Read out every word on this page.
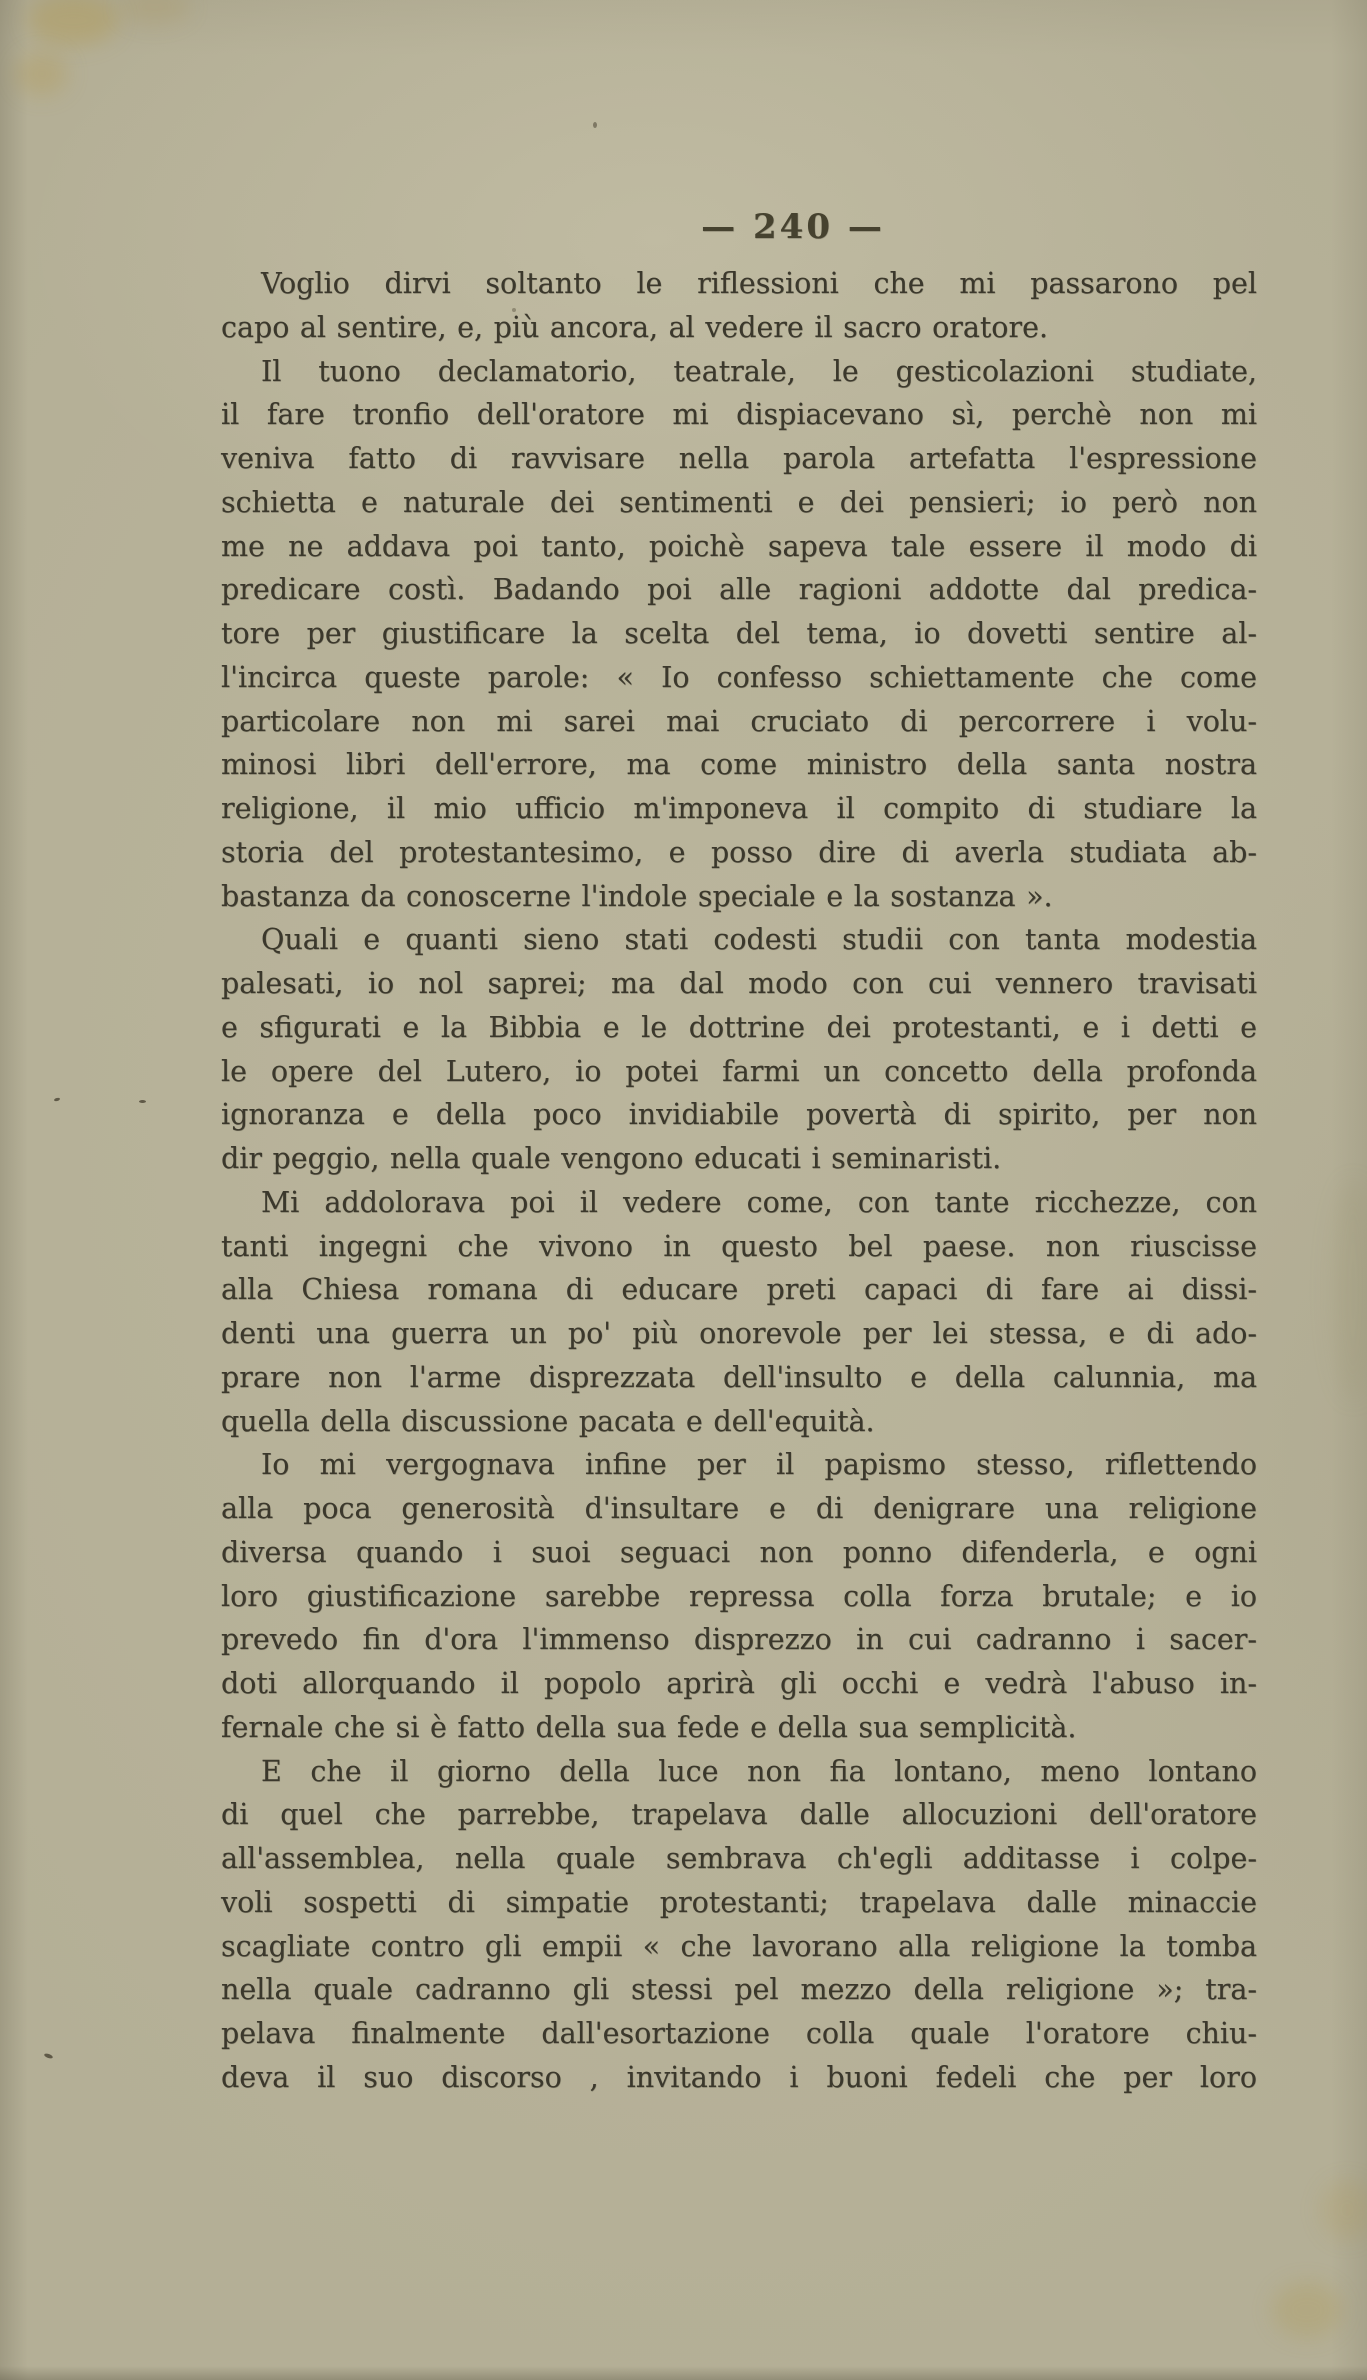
— 240 —
Voglio dirvi soltanto le riflessioni che mi passarono pel
capo al sentire, e, più ancora, al vedere il sacro oratore.
Il tuono declamatorio, teatrale, le gesticolazioni studiate,
il fare tronfio dell'oratore mi dispiacevano sì, perchè non mi
veniva fatto di ravvisare nella parola artefatta l'espressione
schietta e naturale dei sentimenti e dei pensieri; io però non
me ne addava poi tanto, poichè sapeva tale essere il modo di
predicare costì. Badando poi alle ragioni addotte dal predica-
tore per giustificare la scelta del tema, io dovetti sentire al-
l'incirca queste parole: « Io confesso schiettamente che come
particolare non mi sarei mai cruciato di percorrere i volu-
minosi libri dell'errore, ma come ministro della santa nostra
religione, il mio ufficio m'imponeva il compito di studiare la
storia del protestantesimo, e posso dire di averla studiata ab-
bastanza da conoscerne l'indole speciale e la sostanza ».
Quali e quanti sieno stati codesti studii con tanta modestia
palesati, io nol saprei; ma dal modo con cui vennero travisati
e sfigurati e la Bibbia e le dottrine dei protestanti, e i detti e
le opere del Lutero, io potei farmi un concetto della profonda
ignoranza e della poco invidiabile povertà di spirito, per non
dir peggio, nella quale vengono educati i seminaristi.
Mi addolorava poi il vedere come, con tante ricchezze, con
tanti ingegni che vivono in questo bel paese. non riuscisse
alla Chiesa romana di educare preti capaci di fare ai dissi-
denti una guerra un po' più onorevole per lei stessa, e di ado-
prare non l'arme disprezzata dell'insulto e della calunnia, ma
quella della discussione pacata e dell'equità.
Io mi vergognava infine per il papismo stesso, riflettendo
alla poca generosità d'insultare e di denigrare una religione
diversa quando i suoi seguaci non ponno difenderla, e ogni
loro giustificazione sarebbe repressa colla forza brutale; e io
prevedo fin d'ora l'immenso disprezzo in cui cadranno i sacer-
doti allorquando il popolo aprirà gli occhi e vedrà l'abuso in-
fernale che si è fatto della sua fede e della sua semplicità.
E che il giorno della luce non fia lontano, meno lontano
di quel che parrebbe, trapelava dalle allocuzioni dell'oratore
all'assemblea, nella quale sembrava ch'egli additasse i colpe-
voli sospetti di simpatie protestanti; trapelava dalle minaccie
scagliate contro gli empii « che lavorano alla religione la tomba
nella quale cadranno gli stessi pel mezzo della religione »; tra-
pelava finalmente dall'esortazione colla quale l'oratore chiu-
deva il suo discorso , invitando i buoni fedeli che per loro
